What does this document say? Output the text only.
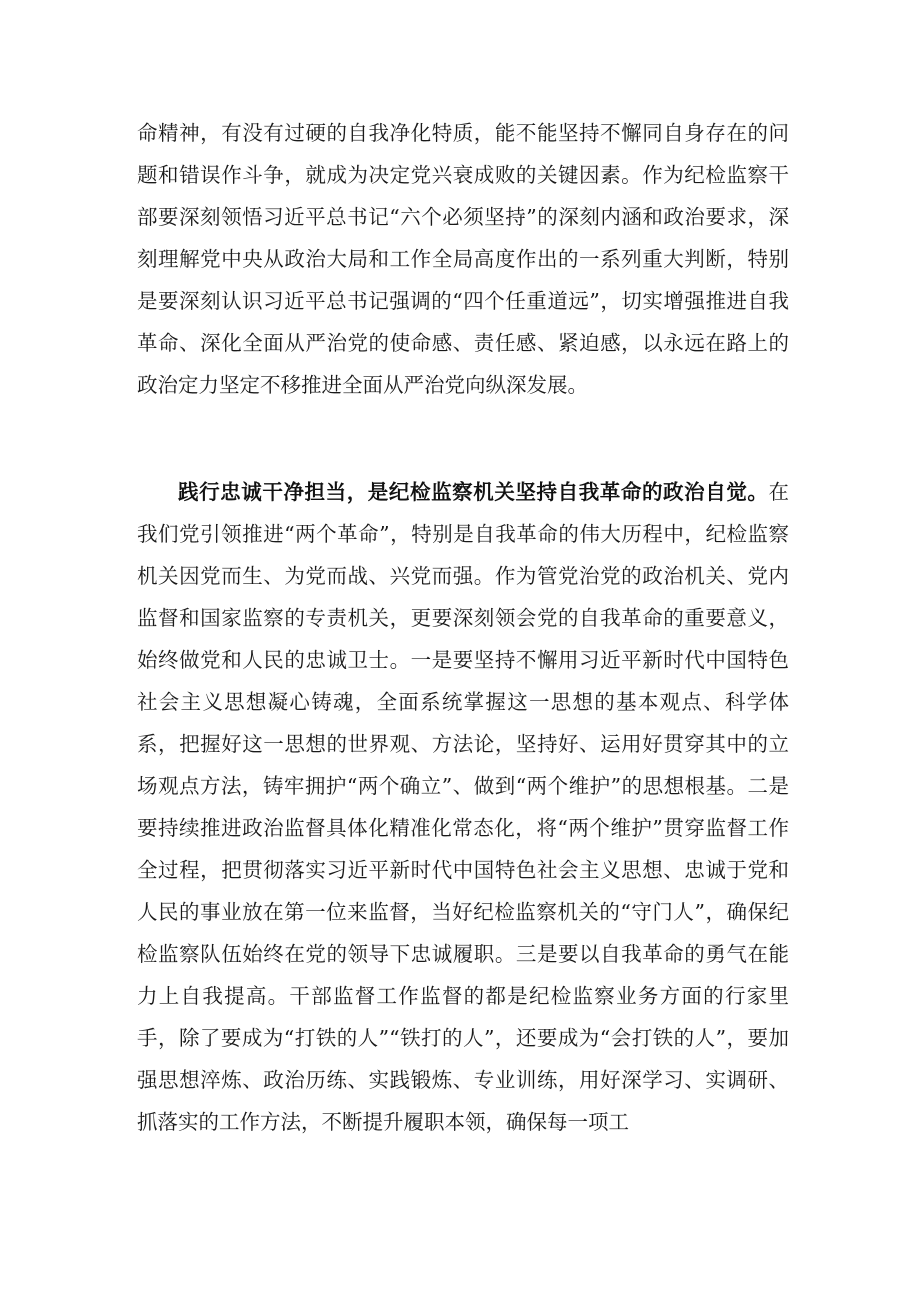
命精神，有没有过硬的自我净化特质，能不能坚持不懈同自身存在的问题和错误作斗争，就成为决定党兴衰成败的关键因素。作为纪检监察干部要深刻领悟习近平总书记“六个必须坚持”的深刻内涵和政治要求，深刻理解党中央从政治大局和工作全局高度作出的一系列重大判断，特别是要深刻认识习近平总书记强调的“四个任重道远”，切实增强推进自我革命、深化全面从严治党的使命感、责任感、紧迫感，以永远在路上的政治定力坚定不移推进全面从严治党向纵深发展。

践行忠诚干净担当，是纪检监察机关坚持自我革命的政治自觉。在我们党引领推进“两个革命”，特别是自我革命的伟大历程中，纪检监察机关因党而生、为党而战、兴党而强。作为管党治党的政治机关、党内监督和国家监察的专责机关，更要深刻领会党的自我革命的重要意义，始终做党和人民的忠诚卫士。一是要坚持不懈用习近平新时代中国特色社会主义思想凝心铸魂，全面系统掌握这一思想的基本观点、科学体系，把握好这一思想的世界观、方法论，坚持好、运用好贯穿其中的立场观点方法，铸牢拥护“两个确立”、做到“两个维护”的思想根基。二是要持续推进政治监督具体化精准化常态化，将“两个维护”贯穿监督工作全过程，把贯彻落实习近平新时代中国特色社会主义思想、忠诚于党和人民的事业放在第一位来监督，当好纪检监察机关的“守门人”，确保纪检监察队伍始终在党的领导下忠诚履职。三是要以自我革命的勇气在能力上自我提高。干部监督工作监督的都是纪检监察业务方面的行家里手，除了要成为“打铁的人”“铁打的人”，还要成为“会打铁的人”，要加强思想淬炼、政治历练、实践锻炼、专业训练，用好深学习、实调研、抓落实的工作方法，不断提升履职本领，确保每一项工
